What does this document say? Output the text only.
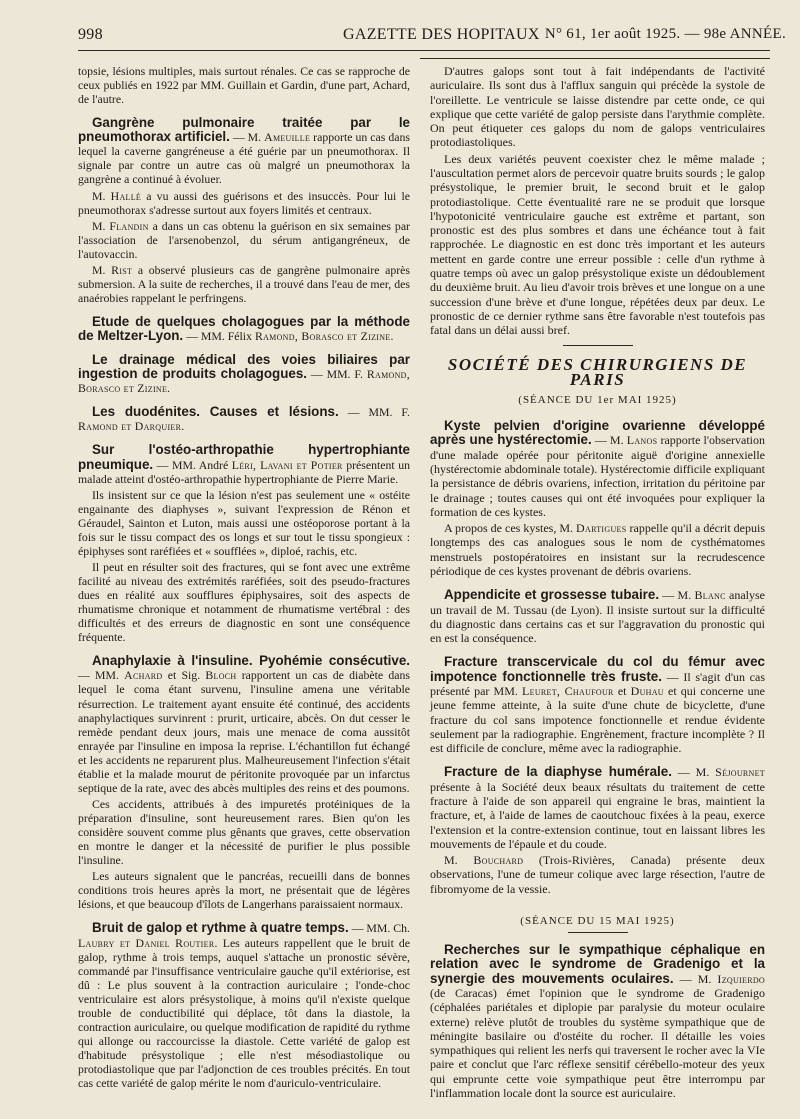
998	GAZETTE DES HOPITAUX N° 61, 1er août 1925. — 98e ANNÉE.

topsie, lésions multiples, mais surtout rénales. Ce cas se rapproche de ceux publiés en 1922 par MM. Guillain et Gardin, d'une part, Achard, de l'autre.

Gangrène pulmonaire traitée par le pneumothorax artificiel. — M. Ameuille rapporte un cas dans lequel la caverne gangréneuse a été guérie par un pneumothorax. Il signale par contre un autre cas où malgré un pneumothorax la gangrène a continué à évoluer.

M. Hallé a vu aussi des guérisons et des insuccès. Pour lui le pneumothorax s'adresse surtout aux foyers limités et centraux.

M. Flandin a dans un cas obtenu la guérison en six semaines par l'association de l'arsenobenzol, du sérum antigangréneux, de l'autovaccin.

M. Rist a observé plusieurs cas de gangrène pulmonaire après submersion. A la suite de recherches, il a trouvé dans l'eau de mer, des anaérobies rappelant le perfringens.

Etude de quelques cholagogues par la méthode de Meltzer-Lyon. — MM. Félix Ramond, Borasco et Zizine.

Le drainage médical des voies biliaires par ingestion de produits cholagogues. — MM. F. Ramond, Borasco et Zizine.

Les duodénites. Causes et lésions. — MM. F. Ramond et Darquier.

Sur l'ostéo-arthropathie hypertrophiante pneumique. — MM. André Léri, Lavani et Potier présentent un malade atteint d'ostéo-arthropathie hypertrophiante de Pierre Marie.

Ils insistent sur ce que la lésion n'est pas seulement une « ostéite engainante des diaphyses », suivant l'expression de Rénon et Géraudel, Sainton et Luton, mais aussi une ostéoporose portant à la fois sur le tissu compact des os longs et sur tout le tissu spongieux : épiphyses sont raréfiées et « soufflées », diploé, rachis, etc.

Il peut en résulter soit des fractures, qui se font avec une extrême facilité au niveau des extrémités raréfiées, soit des pseudo-fractures dues en réalité aux soufflures épiphysaires, soit des aspects de rhumatisme chronique et notamment de rhumatisme vertébral : des difficultés et des erreurs de diagnostic en sont une conséquence fréquente.

Anaphylaxie à l'insuline. Pyohémie consécutive. — MM. Achard et Sig. Bloch rapportent un cas de diabète dans lequel le coma étant survenu, l'insuline amena une véritable résurrection. Le traitement ayant ensuite été continué, des accidents anaphylactiques survinrent : prurit, urticaire, abcès. On dut cesser le remède pendant deux jours, mais une menace de coma aussitôt enrayée par l'insuline en imposa la reprise. L'échantillon fut échangé et les accidents ne reparurent plus. Malheureusement l'infection s'était établie et la malade mourut de péritonite provoquée par un infarctus septique de la rate, avec des abcès multiples des reins et des poumons.

Ces accidents, attribués à des impuretés protéiniques de la préparation d'insuline, sont heureusement rares. Bien qu'on les considère souvent comme plus gênants que graves, cette observation en montre le danger et la nécessité de purifier le plus possible l'insuline.

Les auteurs signalent que le pancréas, recueilli dans de bonnes conditions trois heures après la mort, ne présentait que de légères lésions, et que beaucoup d'îlots de Langerhans paraissaient normaux.

Bruit de galop et rythme à quatre temps. — MM. Ch. Laubry et Daniel Routier. Les auteurs rappellent que le bruit de galop, rythme à trois temps, auquel s'attache un pronostic sévère, commandé par l'insuffisance ventriculaire gauche qu'il extériorise, est dû : Le plus souvent à la contraction auriculaire ; l'onde-choc ventriculaire est alors présystolique, à moins qu'il n'existe quelque trouble de conductibilité qui déplace, tôt dans la diastole, la contraction auriculaire, ou quelque modification de rapidité du rythme qui allonge ou raccourcisse la diastole. Cette variété de galop est d'habitude présystolique ; elle n'est mésodiastolique ou protodiastolique que par l'adjonction de ces troubles précités. En tout cas cette variété de galop mérite le nom d'auriculo-ventriculaire.

D'autres galops sont tout à fait indépendants de l'activité auriculaire. Ils sont dus à l'afflux sanguin qui précède la systole de l'oreillette. Le ventricule se laisse distendre par cette onde, ce qui explique que cette variété de galop persiste dans l'arythmie complète. On peut étiqueter ces galops du nom de galops ventriculaires protodiastoliques.

Les deux variétés peuvent coexister chez le même malade ; l'auscultation permet alors de percevoir quatre bruits sourds ; le galop présystolique, le premier bruit, le second bruit et le galop protodiastolique. Cette éventualité rare ne se produit que lorsque l'hypotonicité ventriculaire gauche est extrême et partant, son pronostic est des plus sombres et dans une échéance tout à fait rapprochée. Le diagnostic en est donc très important et les auteurs mettent en garde contre une erreur possible : celle d'un rythme à quatre temps où avec un galop présystolique existe un dédoublement du deuxième bruit. Au lieu d'avoir trois brèves et une longue on a une succession d'une brève et d'une longue, répétées deux par deux. Le pronostic de ce dernier rythme sans être favorable n'est toutefois pas fatal dans un délai aussi bref.

SOCIÉTÉ DES CHIRURGIENS DE PARIS
(SÉANCE DU 1er MAI 1925)

Kyste pelvien d'origine ovarienne développé après une hystérectomie. — M. Lanos rapporte l'observation d'une malade opérée pour péritonite aiguë d'origine annexielle (hystérectomie abdominale totale). Hystérectomie difficile expliquant la persistance de débris ovariens, infection, irritation du péritoine par le drainage ; toutes causes qui ont été invoquées pour expliquer la formation de ces kystes.

A propos de ces kystes, M. Dartigues rappelle qu'il a décrit depuis longtemps des cas analogues sous le nom de cysthématomes menstruels postopératoires en insistant sur la recrudescence périodique de ces kystes provenant de débris ovariens.

Appendicite et grossesse tubaire. — M. Blanc analyse un travail de M. Tussau (de Lyon). Il insiste surtout sur la difficulté du diagnostic dans certains cas et sur l'aggravation du pronostic qui en est la conséquence.

Fracture transcervicale du col du fémur avec impotence fonctionnelle très fruste. — Il s'agit d'un cas présenté par MM. Leuret, Chaufour et Duhau et qui concerne une jeune femme atteinte, à la suite d'une chute de bicyclette, d'une fracture du col sans impotence fonctionnelle et rendue évidente seulement par la radiographie. Engrènement, fracture incomplète ? Il est difficile de conclure, même avec la radiographie.

Fracture de la diaphyse humérale. — M. Séjournet présente à la Société deux beaux résultats du traitement de cette fracture à l'aide de son appareil qui engraine le bras, maintient la fracture, et, à l'aide de lames de caoutchouc fixées à la peau, exerce l'extension et la contre-extension continue, tout en laissant libres les mouvements de l'épaule et du coude.

M. Bouchard (Trois-Rivières, Canada) présente deux observations, l'une de tumeur colique avec large résection, l'autre de fibromyome de la vessie.

(SÉANCE DU 15 MAI 1925)

Recherches sur le sympathique céphalique en relation avec le syndrome de Gradenigo et la synergie des mouvements oculaires. — M. Izquierdo (de Caracas) émet l'opinion que le syndrome de Gradenigo (céphalées pariétales et diplopie par paralysie du moteur oculaire externe) relève plutôt de troubles du système sympathique que de méningite basilaire ou d'ostéite du rocher. Il détaille les voies sympathiques qui relient les nerfs qui traversent le rocher avec la VIe paire et conclut que l'arc réflexe sensitif cérébello-moteur des yeux qui emprunte cette voie sympathique peut être interrompu par l'inflammation locale dont la source est auriculaire.
